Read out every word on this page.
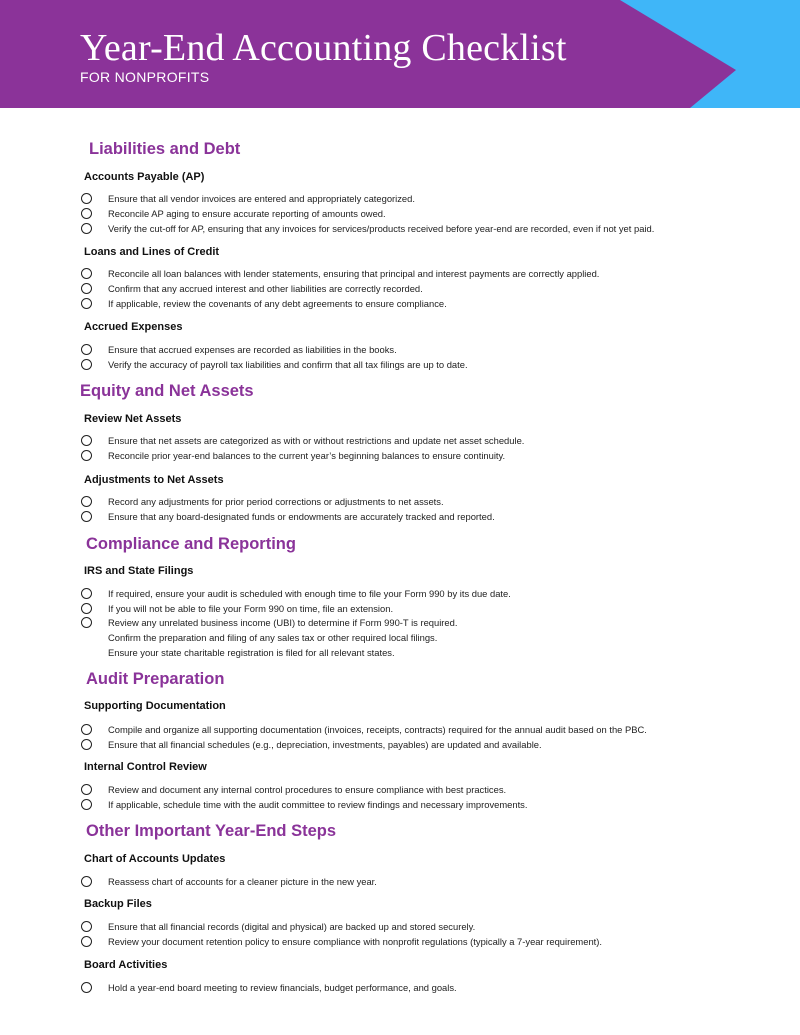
Year-End Accounting Checklist
FOR NONPROFITS
Liabilities and Debt
Accounts Payable (AP)
Ensure that all vendor invoices are entered and appropriately categorized.
Reconcile AP aging to ensure accurate reporting of amounts owed.
Verify the cut-off for AP, ensuring that any invoices for services/products received before year-end are recorded, even if not yet paid.
Loans and Lines of Credit
Reconcile all loan balances with lender statements, ensuring that principal and interest payments are correctly applied.
Confirm that any accrued interest and other liabilities are correctly recorded.
If applicable, review the covenants of any debt agreements to ensure compliance.
Accrued Expenses
Ensure that accrued expenses are recorded as liabilities in the books.
Verify the accuracy of payroll tax liabilities and confirm that all tax filings are up to date.
Equity and Net Assets
Review Net Assets
Ensure that net assets are categorized as with or without restrictions and update net asset schedule.
Reconcile prior year-end balances to the current year’s beginning balances to ensure continuity.
Adjustments to Net Assets
Record any adjustments for prior period corrections or adjustments to net assets.
Ensure that any board-designated funds or endowments are accurately tracked and reported.
Compliance and Reporting
IRS and State Filings
If required, ensure your audit is scheduled with enough time to file your Form 990 by its due date.
If you will not be able to file your Form 990 on time, file an extension.
Review any unrelated business income (UBI) to determine if Form 990-T is required.
Confirm the preparation and filing of any sales tax or other required local filings.
Ensure your state charitable registration is filed for all relevant states.
Audit Preparation
Supporting Documentation
Compile and organize all supporting documentation (invoices, receipts, contracts) required for the annual audit based on the PBC.
Ensure that all financial schedules (e.g., depreciation, investments, payables) are updated and available.
Internal Control Review
Review and document any internal control procedures to ensure compliance with best practices.
If applicable, schedule time with the audit committee to review findings and necessary improvements.
Other Important Year-End Steps
Chart of Accounts Updates
Reassess chart of accounts for a cleaner picture in the new year.
Backup Files
Ensure that all financial records (digital and physical) are backed up and stored securely.
Review your document retention policy to ensure compliance with nonprofit regulations (typically a 7-year requirement).
Board Activities
Hold a year-end board meeting to review financials, budget performance, and goals.
